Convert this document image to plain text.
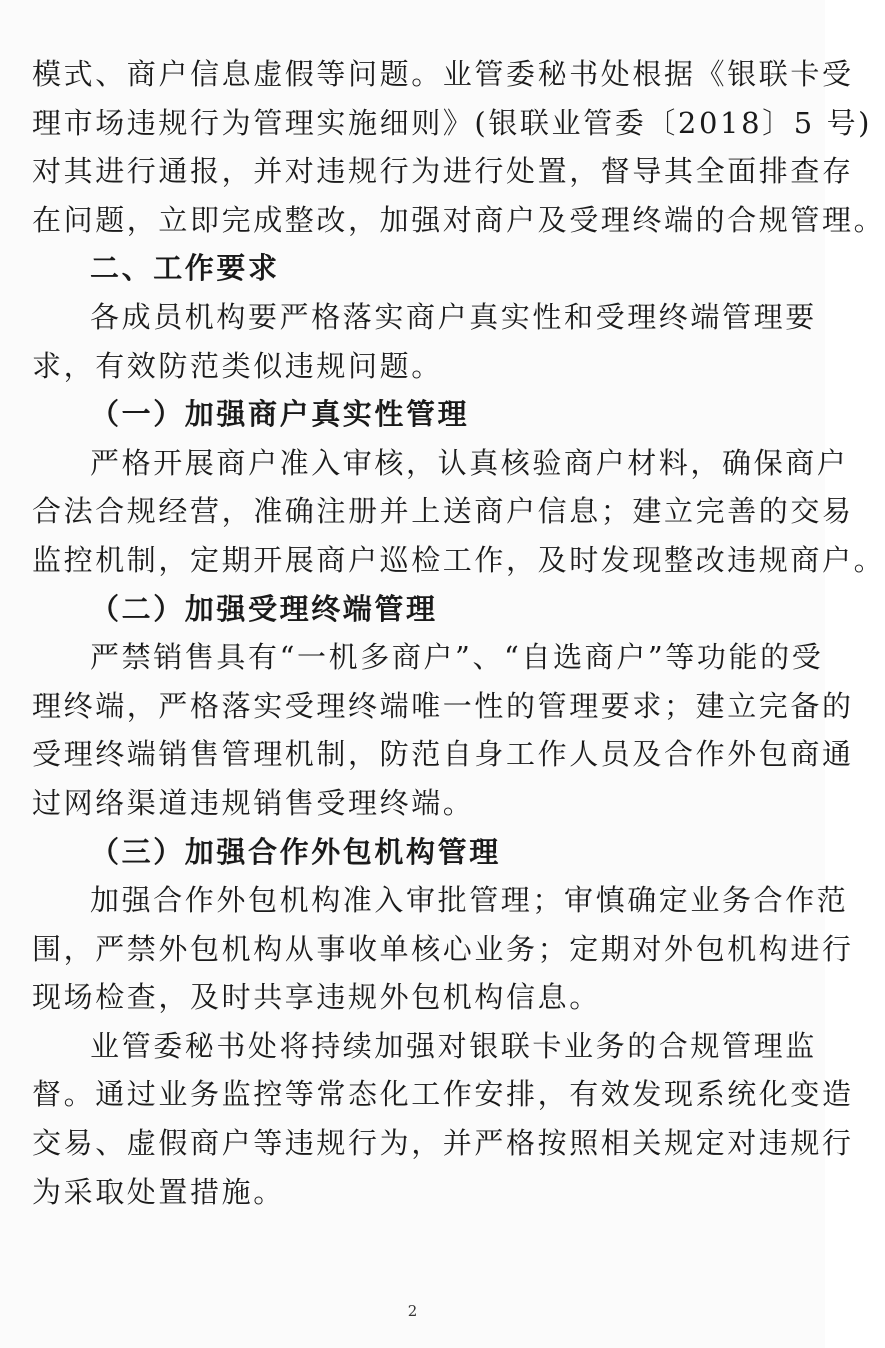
模式、商户信息虚假等问题。业管委秘书处根据《银联卡受
理市场违规行为管理实施细则》(银联业管委〔2018〕5 号)
对其进行通报，并对违规行为进行处置，督导其全面排查存
在问题，立即完成整改，加强对商户及受理终端的合规管理。
二、工作要求
各成员机构要严格落实商户真实性和受理终端管理要
求，有效防范类似违规问题。
（一）加强商户真实性管理
严格开展商户准入审核，认真核验商户材料，确保商户
合法合规经营，准确注册并上送商户信息；建立完善的交易
监控机制，定期开展商户巡检工作，及时发现整改违规商户。
（二）加强受理终端管理
严禁销售具有“一机多商户”、“自选商户”等功能的受
理终端，严格落实受理终端唯一性的管理要求；建立完备的
受理终端销售管理机制，防范自身工作人员及合作外包商通
过网络渠道违规销售受理终端。
（三）加强合作外包机构管理
加强合作外包机构准入审批管理；审慎确定业务合作范
围，严禁外包机构从事收单核心业务；定期对外包机构进行
现场检查，及时共享违规外包机构信息。
业管委秘书处将持续加强对银联卡业务的合规管理监
督。通过业务监控等常态化工作安排，有效发现系统化变造
交易、虚假商户等违规行为，并严格按照相关规定对违规行
为采取处置措施。
2
